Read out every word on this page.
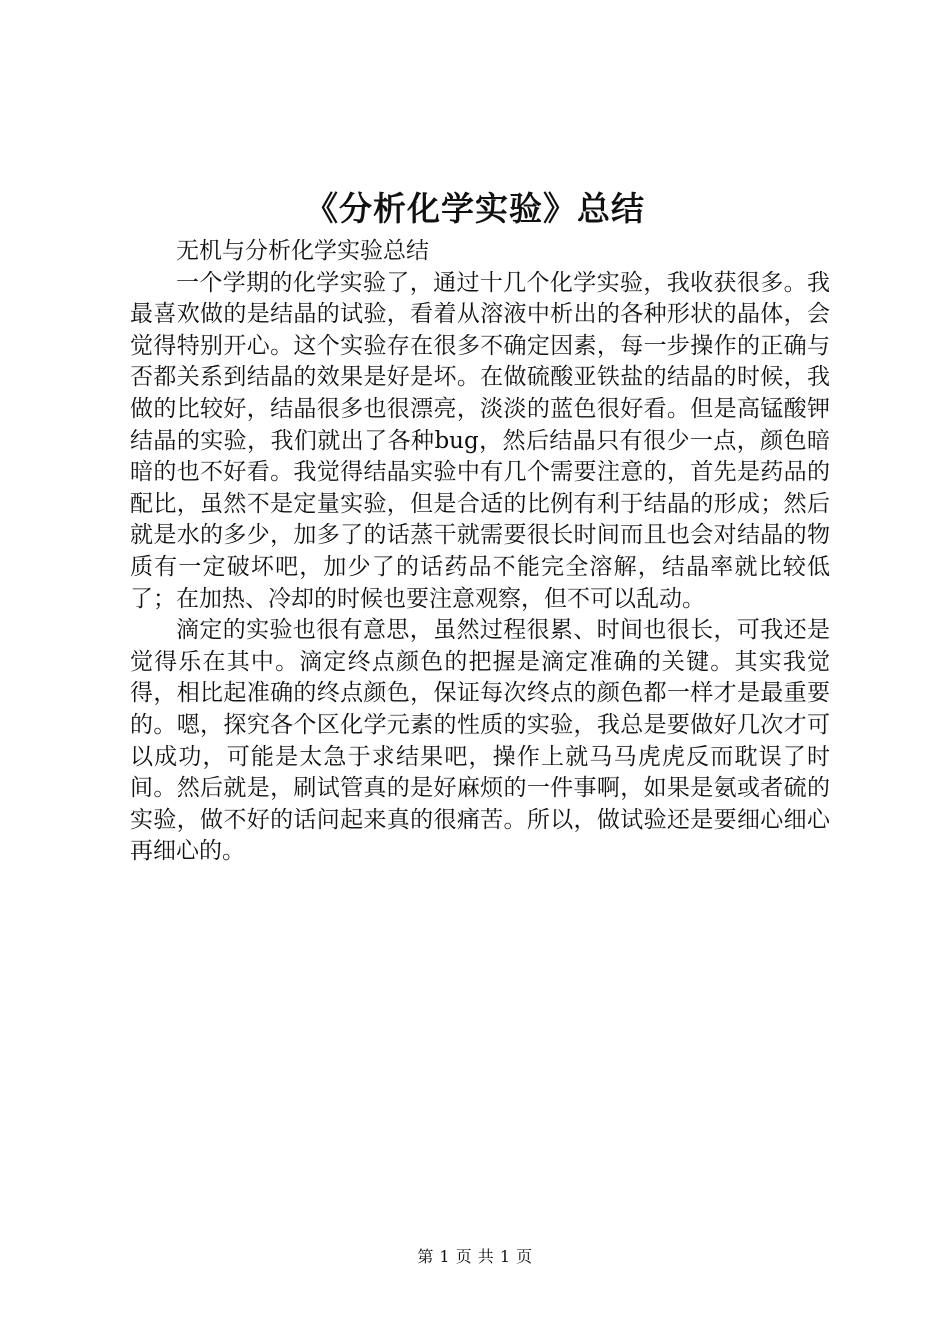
《分析化学实验》总结

无机与分析化学实验总结

一个学期的化学实验了，通过十几个化学实验，我收获很多。我最喜欢做的是结晶的试验，看着从溶液中析出的各种形状的晶体，会觉得特别开心。这个实验存在很多不确定因素，每一步操作的正确与否都关系到结晶的效果是好是坏。在做硫酸亚铁盐的结晶的时候，我做的比较好，结晶很多也很漂亮，淡淡的蓝色很好看。但是高锰酸钾结晶的实验，我们就出了各种bug，然后结晶只有很少一点，颜色暗暗的也不好看。我觉得结晶实验中有几个需要注意的，首先是药品的配比，虽然不是定量实验，但是合适的比例有利于结晶的形成；然后就是水的多少，加多了的话蒸干就需要很长时间而且也会对结晶的物质有一定破坏吧，加少了的话药品不能完全溶解，结晶率就比较低了；在加热、冷却的时候也要注意观察，但不可以乱动。

滴定的实验也很有意思，虽然过程很累、时间也很长，可我还是觉得乐在其中。滴定终点颜色的把握是滴定准确的关键。其实我觉得，相比起准确的终点颜色，保证每次终点的颜色都一样才是最重要的。嗯，探究各个区化学元素的性质的实验，我总是要做好几次才可以成功，可能是太急于求结果吧，操作上就马马虎虎反而耽误了时间。然后就是，刷试管真的是好麻烦的一件事啊，如果是氨或者硫的实验，做不好的话问起来真的很痛苦。所以，做试验还是要细心细心再细心的。

第 1 页 共 1 页
